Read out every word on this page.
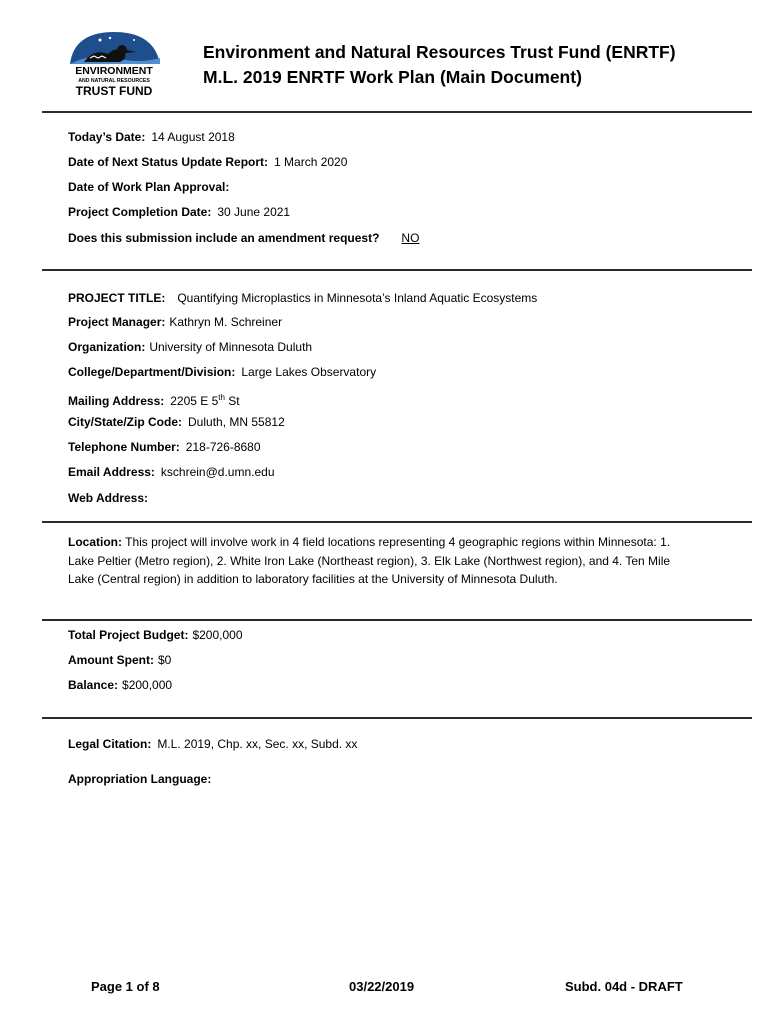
ENVIRONMENT
AND NATURAL RESOURCES
TRUST FUND
Environment and Natural Resources Trust Fund (ENRTF)
M.L. 2019 ENRTF Work Plan (Main Document)
Today’s Date: 14 August 2018
Date of Next Status Update Report: 1 March 2020
Date of Work Plan Approval:
Project Completion Date: 30 June 2021
Does this submission include an amendment request? NO
PROJECT TITLE: Quantifying Microplastics in Minnesota’s Inland Aquatic Ecosystems
Project Manager: Kathryn M. Schreiner
Organization: University of Minnesota Duluth
College/Department/Division: Large Lakes Observatory
Mailing Address: 2205 E 5th St
City/State/Zip Code: Duluth, MN 55812
Telephone Number: 218-726-8680
Email Address: kschrein@d.umn.edu
Web Address:
Location: This project will involve work in 4 field locations representing 4 geographic regions within Minnesota: 1. Lake Peltier (Metro region), 2. White Iron Lake (Northeast region), 3. Elk Lake (Northwest region), and 4. Ten Mile Lake (Central region) in addition to laboratory facilities at the University of Minnesota Duluth.
Total Project Budget: $200,000
Amount Spent: $0
Balance: $200,000
Legal Citation: M.L. 2019, Chp. xx, Sec. xx, Subd. xx
Appropriation Language:
Page 1 of 8	03/22/2019	Subd. 04d - DRAFT
